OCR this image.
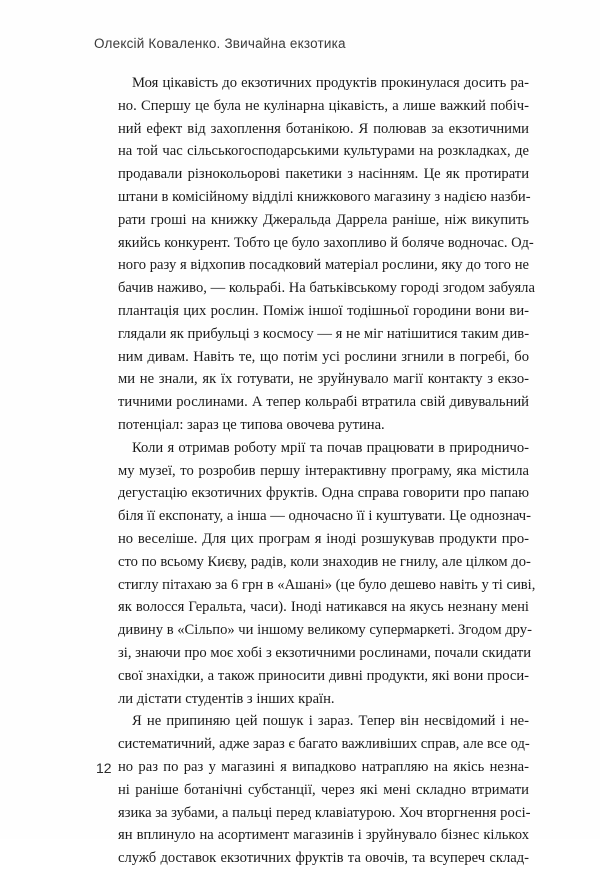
Олексій Коваленко. Звичайна екзотика
Моя цікавість до екзотичних продуктів прокинулася досить ра-
но. Спершу це була не кулінарна цікавість, а лише важкий побіч-
ний ефект від захоплення ботанікою. Я полював за екзотичними
на той час сільськогосподарськими культурами на розкладках, де
продавали різнокольорові пакетики з насінням. Це як протирати
штани в комісійному відділі книжкового магазину з надією назби-
рати гроші на книжку Джеральда Даррела раніше, ніж викупить
якийсь конкурент. Тобто це було захопливо й боляче водночас. Од-
ного разу я відхопив посадковий матеріал рослини, яку до того не
бачив наживо, — кольрабі. На батьківському городі згодом забуяла
плантація цих рослин. Поміж іншої тодішньої городини вони ви-
глядали як прибульці з космосу — я не міг натішитися таким див-
ним дивам. Навіть те, що потім усі рослини згнили в погребі, бо
ми не знали, як їх готувати, не зруйнувало магії контакту з екзо-
тичними рослинами. А тепер кольрабі втратила свій дивувальний
потенціал: зараз це типова овочева рутина.
Коли я отримав роботу мрії та почав працювати в природничо-
му музеї, то розробив першу інтерактивну програму, яка містила
дегустацію екзотичних фруктів. Одна справа говорити про папаю
біля її експонату, а інша — одночасно її і куштувати. Це однознач-
но веселіше. Для цих програм я іноді розшукував продукти про-
сто по всьому Києву, радів, коли знаходив не гнилу, але цілком до-
стиглу пітахаю за 6 грн в «Ашані» (це було дешево навіть у ті сиві,
як волосся Геральта, часи). Іноді натикався на якусь незнану мені
дивину в «Сільпо» чи іншому великому супермаркеті. Згодом дру-
зі, знаючи про моє хобі з екзотичними рослинами, почали скидати
свої знахідки, а також приносити дивні продукти, які вони проси-
ли дістати студентів з інших країн.
Я не припиняю цей пошук і зараз. Тепер він несвідомий і не-
систематичний, адже зараз є багато важливіших справ, але все од-
но раз по раз у магазині я випадково натрапляю на якісь незна-
ні раніше ботанічні субстанції, через які мені складно втримати
язика за зубами, а пальці перед клавіатурою. Хоч вторгнення росі-
ян вплинуло на асортимент магазинів і зруйнувало бізнес кількох
служб доставок екзотичних фруктів та овочів, та всупереч склад-
12
